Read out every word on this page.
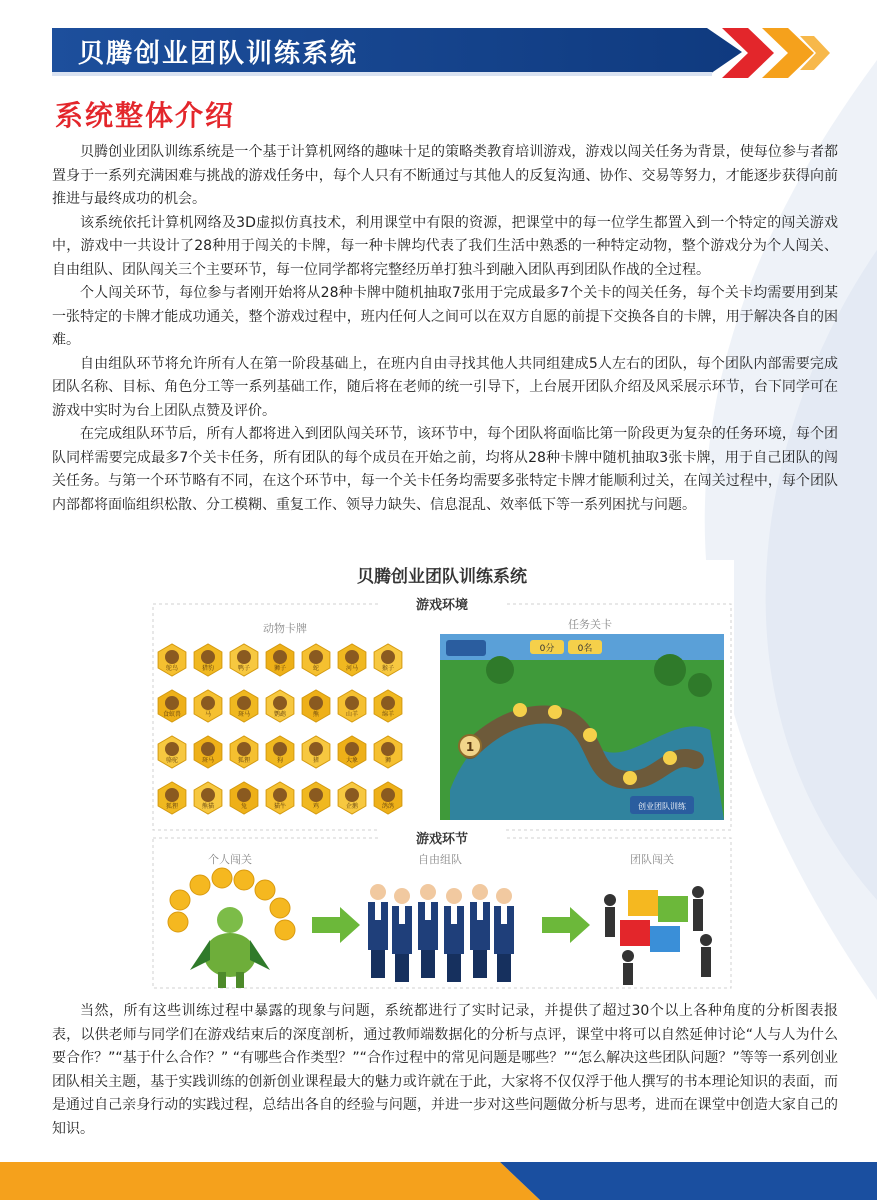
贝腾创业团队训练系统
系统整体介绍

贝腾创业团队训练系统是一个基于计算机网络的趣味十足的策略类教育培训游戏，游戏以闯关任务为背景，使每位参与者都置身于一系列充满困难与挑战的游戏任务中，每个人只有不断通过与其他人的反复沟通、协作、交易等努力，才能逐步获得向前推进与最终成功的机会。

该系统依托计算机网络及3D虚拟仿真技术，利用课堂中有限的资源，把课堂中的每一位学生都置入到一个特定的闯关游戏中，游戏中一共设计了28种用于闯关的卡牌，每一种卡牌均代表了我们生活中熟悉的一种特定动物，整个游戏分为个人闯关、自由组队、团队闯关三个主要环节，每一位同学都将完整经历单打独斗到融入团队再到团队作战的全过程。

个人闯关环节，每位参与者刚开始将从28种卡牌中随机抽取7张用于完成最多7个关卡的闯关任务，每个关卡均需要用到某一张特定的卡牌才能成功通关，整个游戏过程中，班内任何人之间可以在双方自愿的前提下交换各自的卡牌，用于解决各自的困难。

自由组队环节将允许所有人在第一阶段基础上，在班内自由寻找其他人共同组建成5人左右的团队，每个团队内部需要完成团队名称、目标、角色分工等一系列基础工作，随后将在老师的统一引导下，上台展开团队介绍及风采展示环节，台下同学可在游戏中实时为台上团队点赞及评价。

在完成组队环节后，所有人都将进入到团队闯关环节，该环节中，每个团队将面临比第一阶段更为复杂的任务环境，每个团队同样需要完成最多7个关卡任务，所有团队的每个成员在开始之前，均将从28种卡牌中随机抽取3张卡牌，用于自己团队的闯关任务。与第一个环节略有不同，在这个环节中，每一个关卡任务均需要多张特定卡牌才能顺利过关，在闯关过程中，每个团队内部都将面临组织松散、分工模糊、重复工作、领导力缺失、信息混乱、效率低下等一系列困扰与问题。

贝腾创业团队训练系统
游戏环境
动物卡牌	任务关卡
鸵鸟	猎豹	鸭子	狮子	蛇	河马	猴子
食蚁兽	马	斑马	鹦鹉	熊	山羊	绵羊
骆驼	斑马	狐狸	狗	猪	大象	狮
狐狸	熊猫	兔	猫牛	鸡	企鹅	鸽鸽
1
0分	0名
创业团队训练
游戏环节
个人闯关	自由组队	团队闯关

当然，所有这些训练过程中暴露的现象与问题，系统都进行了实时记录，并提供了超过30个以上各种角度的分析图表报表，以供老师与同学们在游戏结束后的深度剖析，通过教师端数据化的分析与点评，课堂中将可以自然延伸讨论“人与人为什么要合作？”“基于什么合作？” “有哪些合作类型？”“合作过程中的常见问题是哪些？”“怎么解决这些团队问题？”等等一系列创业团队相关主题，基于实践训练的创新创业课程最大的魅力或许就在于此，大家将不仅仅浮于他人撰写的书本理论知识的表面，而是通过自己亲身行动的实践过程，总结出各自的经验与问题，并进一步对这些问题做分析与思考，进而在课堂中创造大家自己的知识。
